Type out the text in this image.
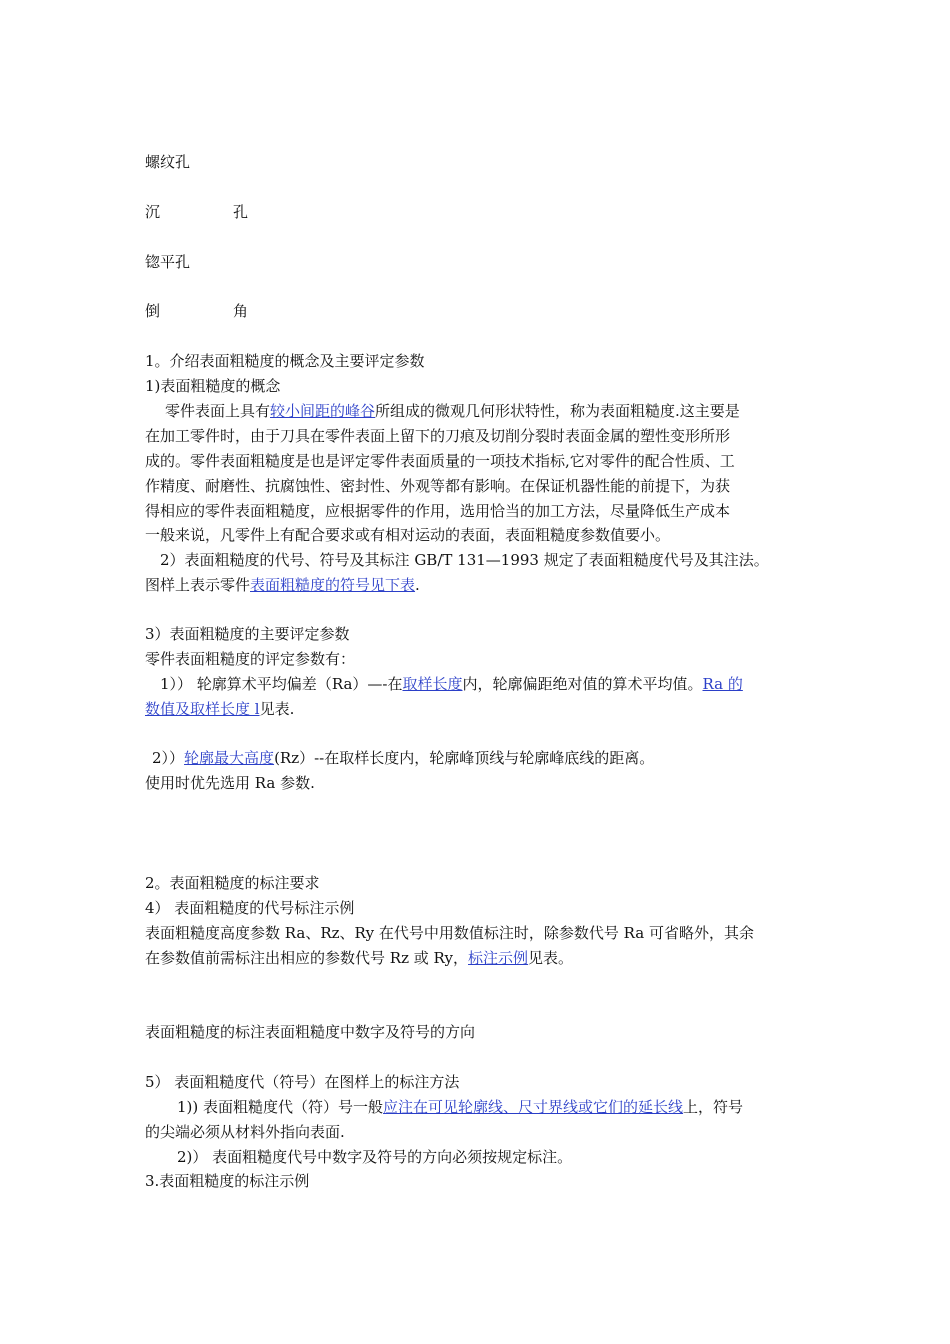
螺纹孔
沉	孔
锪平孔
倒	角
1。介绍表面粗糙度的概念及主要评定参数
1)表面粗糙度的概念
零件表面上具有较小间距的峰谷所组成的微观几何形状特性，称为表面粗糙度.这主要是
在加工零件时，由于刀具在零件表面上留下的刀痕及切削分裂时表面金属的塑性变形所形
成的。零件表面粗糙度是也是评定零件表面质量的一项技术指标,它对零件的配合性质、工
作精度、耐磨性、抗腐蚀性、密封性、外观等都有影响。在保证机器性能的前提下，为获
得相应的零件表面粗糙度，应根据零件的作用，选用恰当的加工方法，尽量降低生产成本
一般来说，凡零件上有配合要求或有相对运动的表面，表面粗糙度参数值要小。
2）表面粗糙度的代号、符号及其标注 GB/T 131—1993 规定了表面粗糙度代号及其注法。
图样上表示零件表面粗糙度的符号见下表.
3）表面粗糙度的主要评定参数
零件表面粗糙度的评定参数有：
1）） 轮廓算术平均偏差（Ra）—-在取样长度内，轮廓偏距绝对值的算术平均值。Ra 的
数值及取样长度 l见表.
2））轮廓最大高度(Rz）--在取样长度内，轮廓峰顶线与轮廓峰底线的距离。
使用时优先选用 Ra 参数.
2。表面粗糙度的标注要求
4） 表面粗糙度的代号标注示例
表面粗糙度高度参数 Ra、Rz、Ry 在代号中用数值标注时，除参数代号 Ra 可省略外，其余
在参数值前需标注出相应的参数代号 Rz 或 Ry，标注示例见表。
表面粗糙度的标注表面粗糙度中数字及符号的方向
5） 表面粗糙度代（符号）在图样上的标注方法
1)) 表面粗糙度代（符）号一般应注在可见轮廓线、尺寸界线或它们的延长线上，符号
的尖端必须从材料外指向表面.
2)） 表面粗糙度代号中数字及符号的方向必须按规定标注。
3.表面粗糙度的标注示例
